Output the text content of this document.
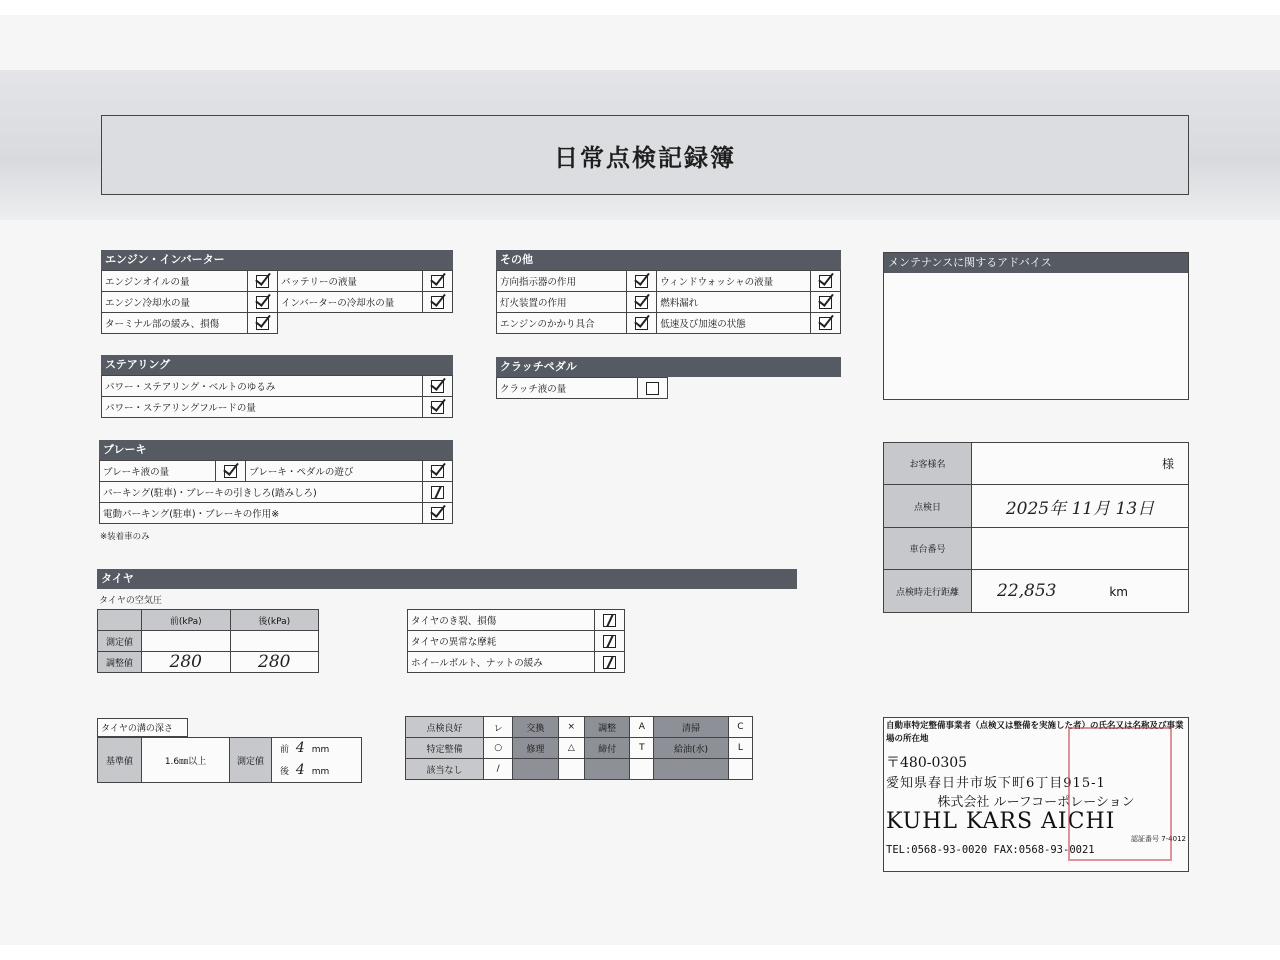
日常点検記録簿
エンジン・インバーター
エンジンオイルの量		バッテリーの液量	
エンジン冷却水の量		インバーターの冷却水の量	
ターミナル部の緩み、損傷			
ステアリング
パワー・ステアリング・ベルトのゆるみ	
パワー・ステアリングフルードの量	
ブレーキ
ブレーキ液の量		ブレーキ・ペダルの遊び	
パーキング(駐車)・ブレーキの引きしろ(踏みしろ)			
電動パーキング(駐車)・ブレーキの作用※			
※装着車のみ
その他
方向指示器の作用		ウィンドウォッシャの液量	
灯火装置の作用		燃料漏れ	
エンジンのかかり具合		低速及び加速の状態	
クラッチペダル
クラッチ液の量	
メンテナンスに関するアドバイス
お客様名	様
点検日	2025年 11月 13日
車台番号	
点検時走行距離	22,853 km
タイヤ
タイヤの空気圧
	前(kPa)	後(kPa)
測定値		
調整値	280	280
タイヤのき裂、損傷	
タイヤの異常な摩耗	
ホイールボルト、ナットの緩み	
タイヤの溝の深さ
基準値	1.6㎜以上	測定値	
前 4 mm
後 4 mm
点検良好	レ	交換	×	調整	A	清掃	C
特定整備	○	修理	△	締付	T	給油(水)	L
該当なし	/						
自動車特定整備事業者（点検又は整備を実施した者）の氏名又は名称及び事業場の所在地
〒480-0305
愛知県春日井市坂下町6丁目915-1
株式会社 ルーフコーポレーション
KUHL KARS AICHI
認証番号 7-4012
TEL:0568-93-0020 FAX:0568-93-0021
